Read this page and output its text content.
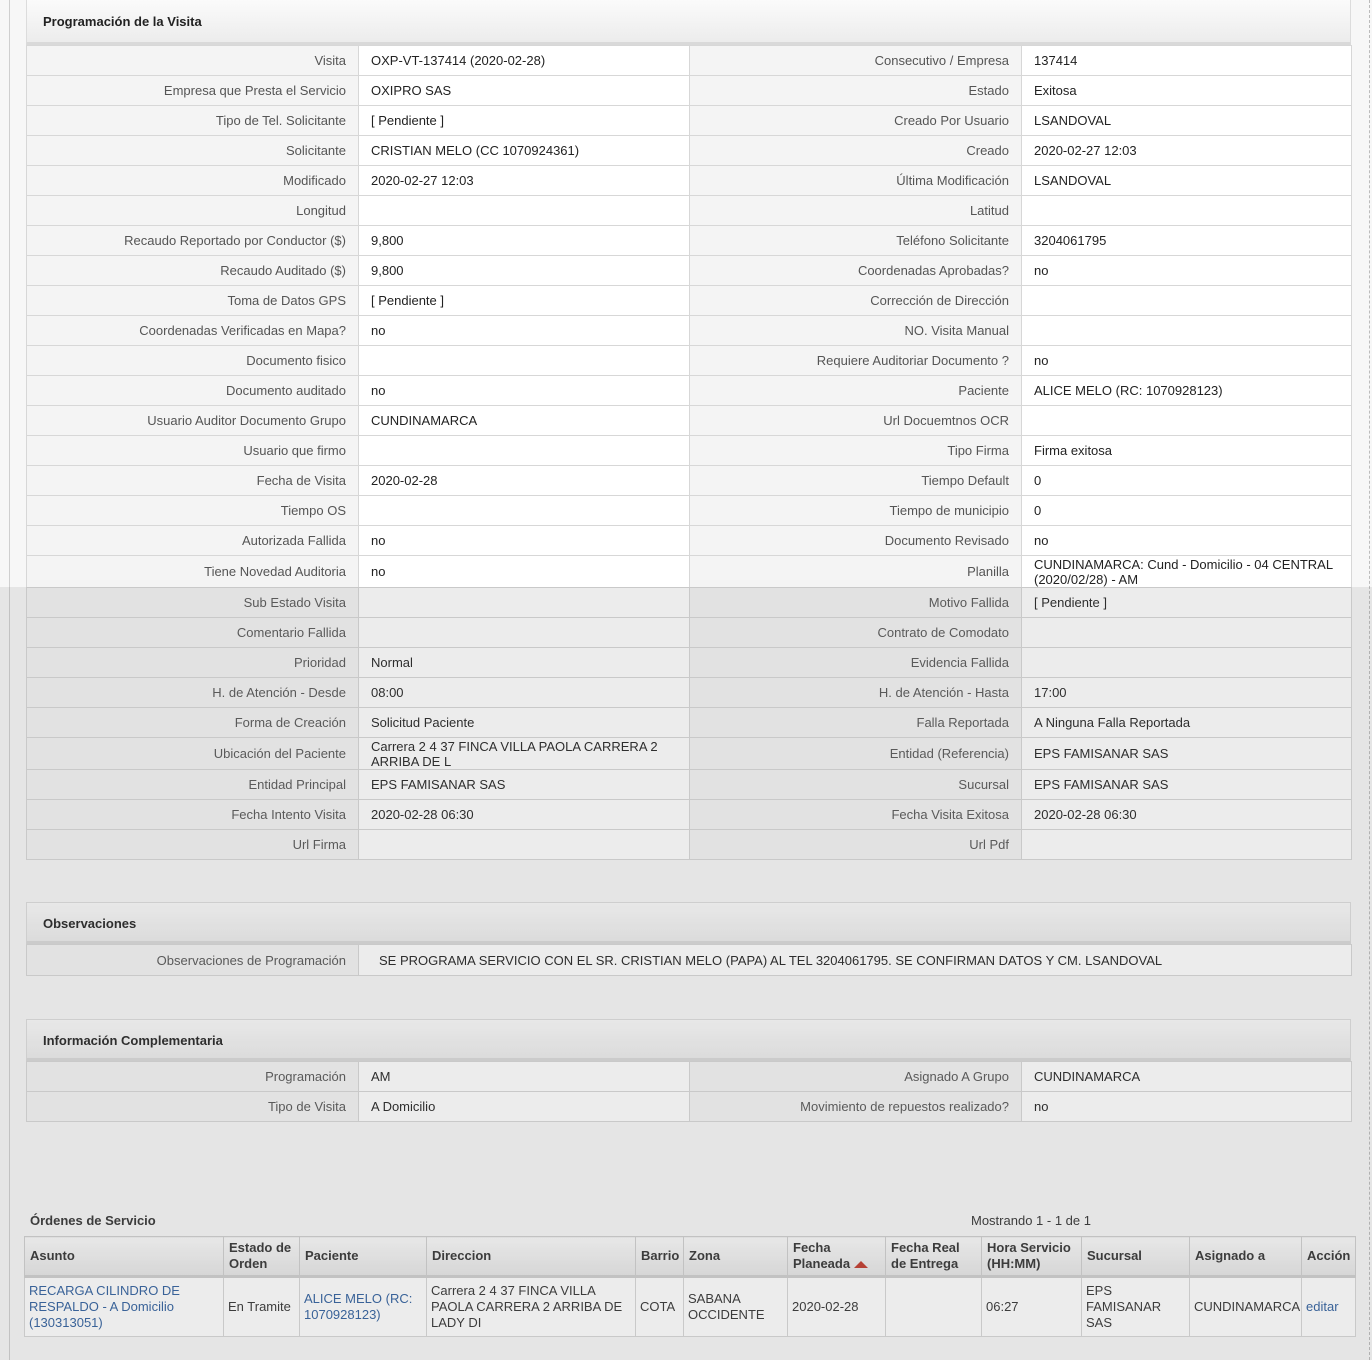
Programación de la Visita
Visita	OXP-VT-137414 (2020-02-28)	Consecutivo / Empresa	137414

Empresa que Presta el Servicio	OXIPRO SAS	Estado	Exitosa

Tipo de Tel. Solicitante	[ Pendiente ]	Creado Por Usuario	LSANDOVAL

Solicitante	CRISTIAN MELO (CC 1070924361)	Creado	2020-02-27 12:03

Modificado	2020-02-27 12:03	Última Modificación	LSANDOVAL

Longitud		Latitud	

Recaudo Reportado por Conductor ($)	9,800	Teléfono Solicitante	3204061795

Recaudo Auditado ($)	9,800	Coordenadas Aprobadas?	no

Toma de Datos GPS	[ Pendiente ]	Corrección de Dirección	

Coordenadas Verificadas en Mapa?	no	NO. Visita Manual	

Documento fisico		Requiere Auditoriar Documento ?	no

Documento auditado	no	Paciente	ALICE MELO (RC: 1070928123)

Usuario Auditor Documento Grupo	CUNDINAMARCA	Url Docuemtnos OCR	

Usuario que firmo		Tipo Firma	Firma exitosa

Fecha de Visita	2020-02-28	Tiempo Default	0

Tiempo OS		Tiempo de municipio	0

Autorizada Fallida	no	Documento Revisado	no

Tiene Novedad Auditoria	no	Planilla	CUNDINAMARCA: Cund - Domicilio - 04 CENTRAL (2020/02/28) - AM

Sub Estado Visita		Motivo Fallida	[ Pendiente ]

Comentario Fallida		Contrato de Comodato	

Prioridad	Normal	Evidencia Fallida	

H. de Atención - Desde	08:00	H. de Atención - Hasta	17:00

Forma de Creación	Solicitud Paciente	Falla Reportada	A Ninguna Falla Reportada

Ubicación del Paciente	Carrera 2 4 37 FINCA VILLA PAOLA CARRERA 2 ARRIBA DE L	Entidad (Referencia)	EPS FAMISANAR SAS

Entidad Principal	EPS FAMISANAR SAS	Sucursal	EPS FAMISANAR SAS

Fecha Intento Visita	2020-02-28 06:30	Fecha Visita Exitosa	2020-02-28 06:30

Url Firma		Url Pdf	

Observaciones
Observaciones de Programación	SE PROGRAMA SERVICIO CON EL SR. CRISTIAN MELO (PAPA) AL TEL 3204061795. SE CONFIRMAN DATOS Y CM. LSANDOVAL
Información Complementaria
Programación	AM	Asignado A Grupo	CUNDINAMARCA

Tipo de Visita	A Domicilio	Movimiento de repuestos realizado?	no
Órdenes de Servicio	Mostrando 1 - 1 de 1
Asunto	Estado de Orden	Paciente	Direccion	Barrio	Zona	Fecha Planeada	Fecha Real de Entrega	Hora Servicio (HH:MM)	Sucursal	Asignado a	Acción
RECARGA CILINDRO DE RESPALDO - A Domicilio (130313051)	En Tramite	ALICE MELO (RC: 1070928123)	Carrera 2 4 37 FINCA VILLA PAOLA CARRERA 2 ARRIBA DE LADY DI	COTA	SABANA OCCIDENTE	2020-02-28		06:27	EPS FAMISANAR SAS	CUNDINAMARCA	editar
